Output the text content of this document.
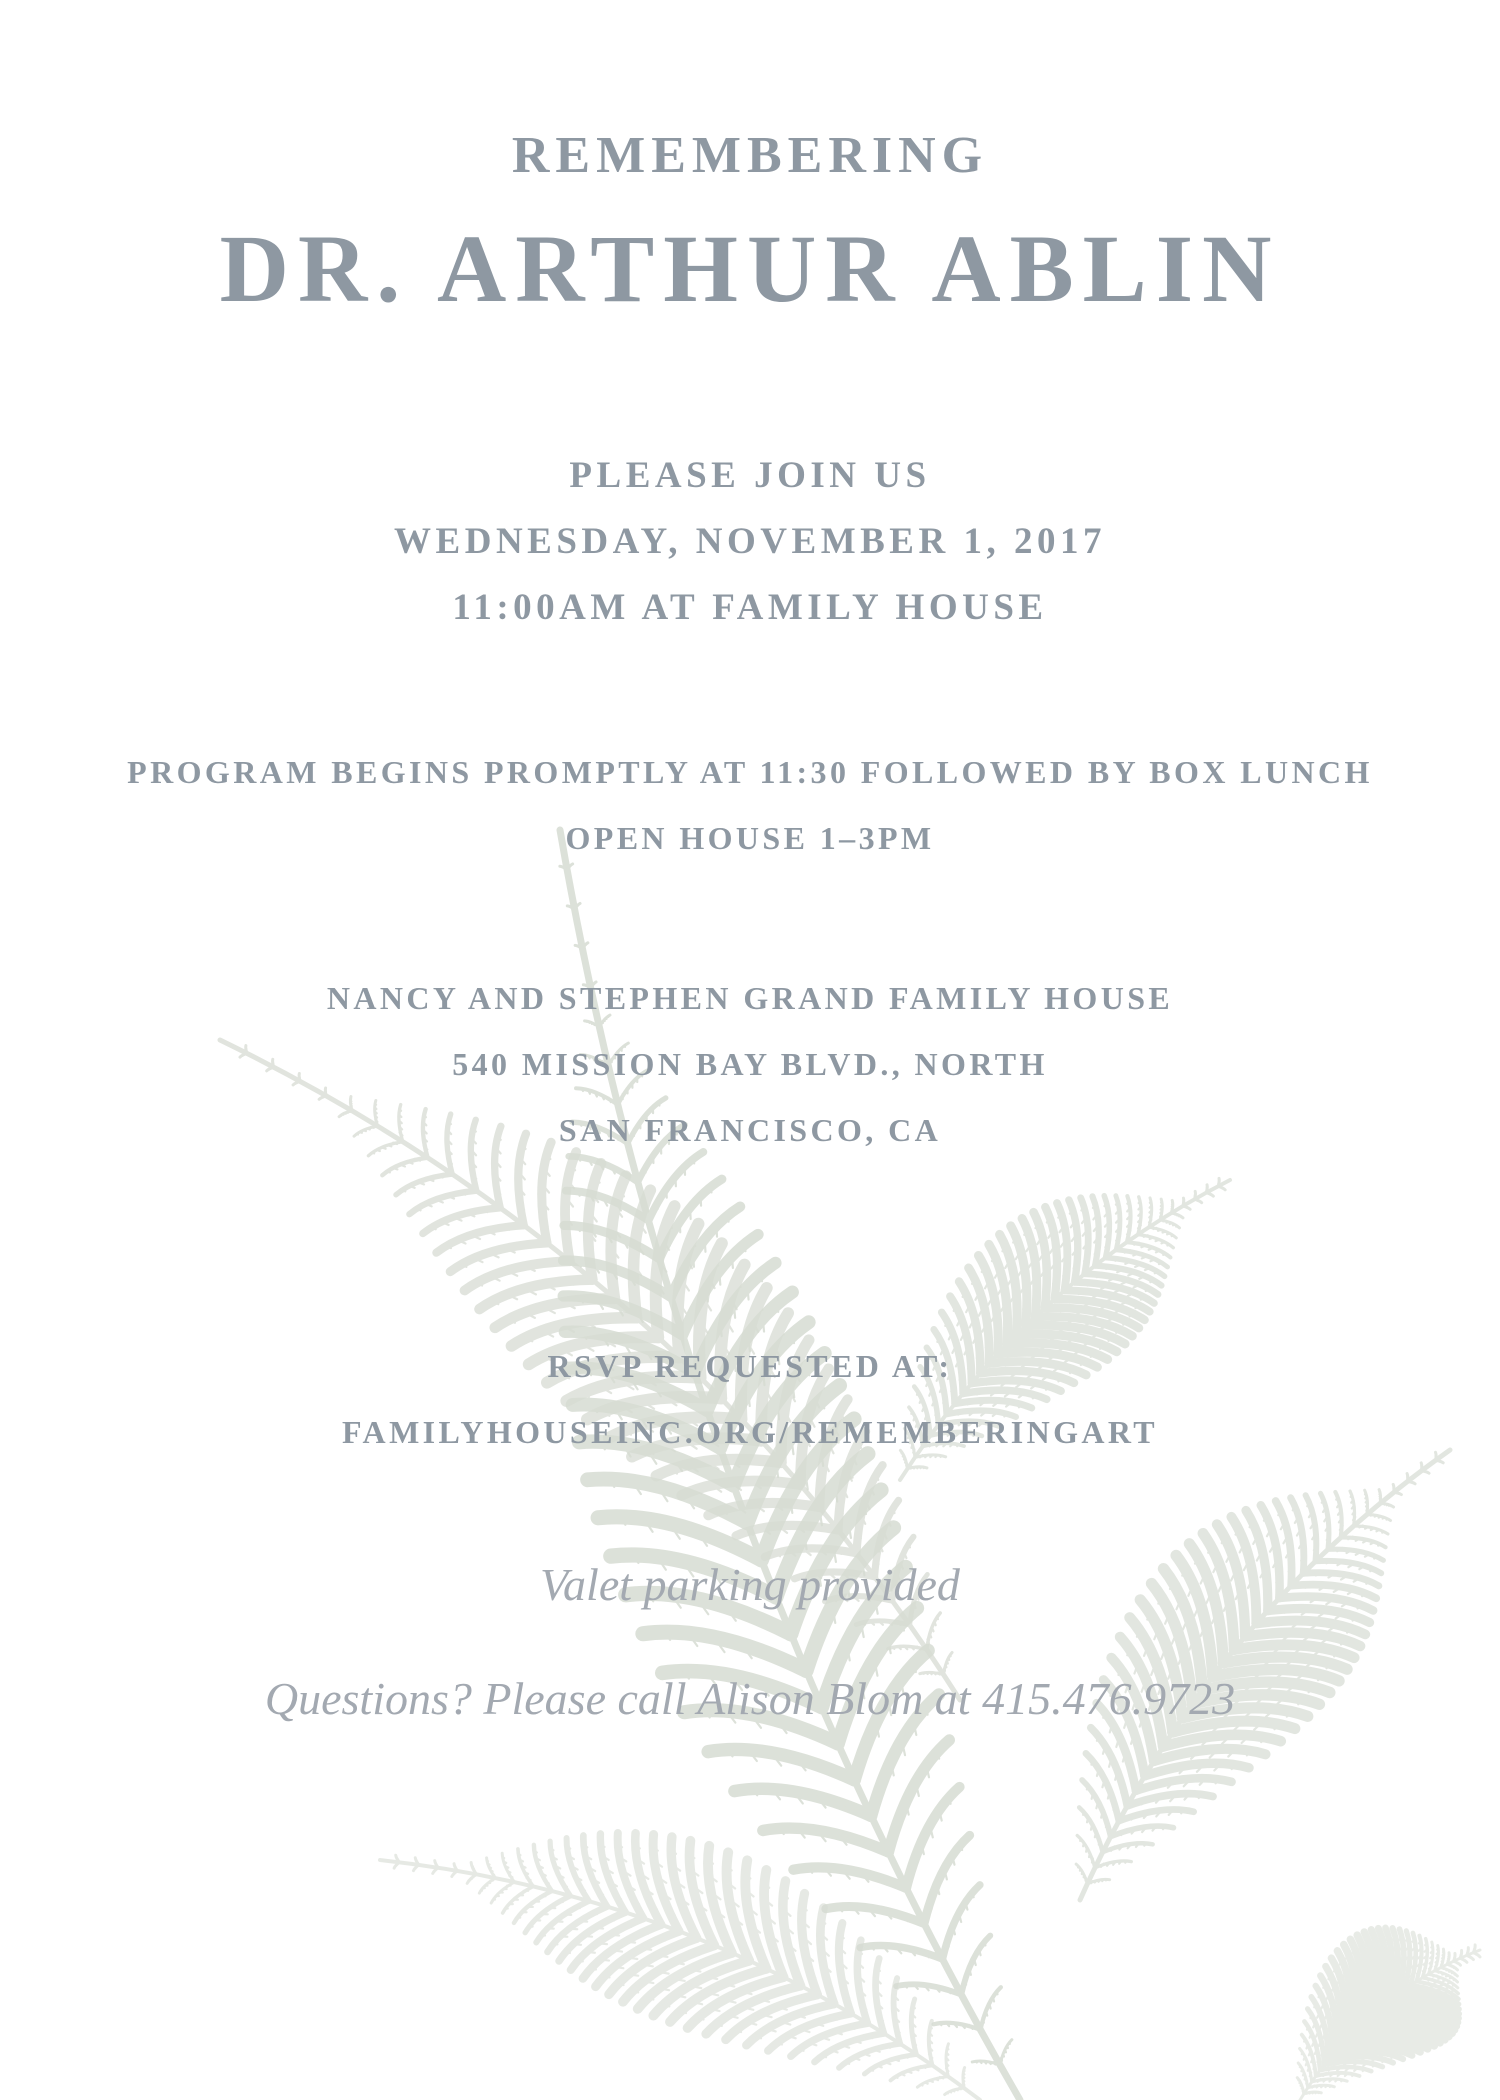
REMEMBERING
DR. ARTHUR ABLIN
PLEASE JOIN US
WEDNESDAY, NOVEMBER 1, 2017
11:00AM AT FAMILY HOUSE
PROGRAM BEGINS PROMPTLY AT 11:30 FOLLOWED BY BOX LUNCH
OPEN HOUSE 1–3PM
NANCY AND STEPHEN GRAND FAMILY HOUSE
540 MISSION BAY BLVD., NORTH
SAN FRANCISCO, CA
RSVP REQUESTED AT:
FAMILYHOUSEINC.ORG/REMEMBERINGART
Valet parking provided
Questions? Please call Alison Blom at 415.476.9723
